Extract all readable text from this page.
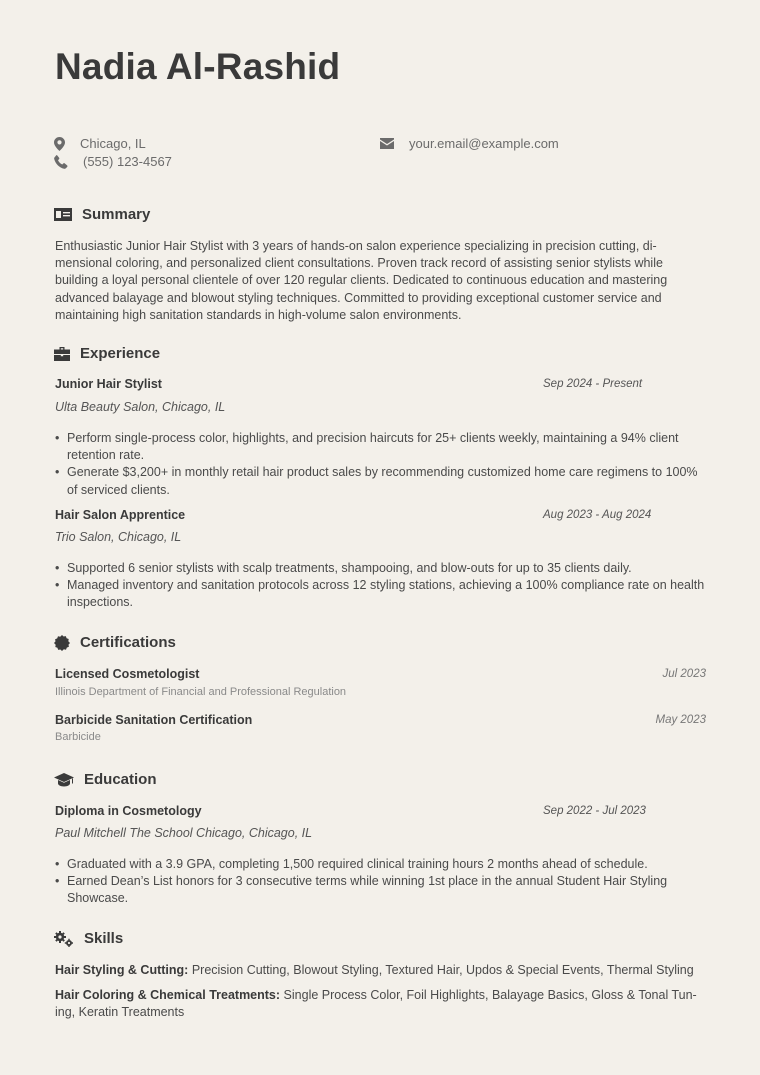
Nadia Al-Rashid
Chicago, IL
(555) 123-4567
your.email@example.com
Summary

Enthusiastic Junior Hair Stylist with 3 years of hands-on salon experience specializing in precision cutting, di-
mensional coloring, and personalized client consultations. Proven track record of assisting senior stylists while
building a loyal personal clientele of over 120 regular clients. Dedicated to continuous education and mastering
advanced balayage and blowout styling techniques. Committed to providing exceptional customer service and
maintaining high sanitation standards in high-volume salon environments.

Experience
Junior Hair Stylist	Sep 2024 - Present
Ulta Beauty Salon, Chicago, IL
• Perform single-process color, highlights, and precision haircuts for 25+ clients weekly, maintaining a 94% client retention rate.
• Generate $3,200+ in monthly retail hair product sales by recommending customized home care regimens to 100% of serviced clients.
Hair Salon Apprentice	Aug 2023 - Aug 2024
Trio Salon, Chicago, IL
• Supported 6 senior stylists with scalp treatments, shampooing, and blow-outs for up to 35 clients daily.
• Managed inventory and sanitation protocols across 12 styling stations, achieving a 100% compliance rate on health inspections.
Certifications
Licensed Cosmetologist	Jul 2023
Illinois Department of Financial and Professional Regulation
Barbicide Sanitation Certification	May 2023
Barbicide
Education
Diploma in Cosmetology	Sep 2022 - Jul 2023
Paul Mitchell The School Chicago, Chicago, IL
• Graduated with a 3.9 GPA, completing 1,500 required clinical training hours 2 months ahead of schedule.
• Earned Dean’s List honors for 3 consecutive terms while winning 1st place in the annual Student Hair Styling Showcase.
Skills

Hair Styling & Cutting: Precision Cutting, Blowout Styling, Textured Hair, Updos & Special Events, Thermal Styling

Hair Coloring & Chemical Treatments: Single Process Color, Foil Highlights, Balayage Basics, Gloss & Tonal Tun-ing, Keratin Treatments
